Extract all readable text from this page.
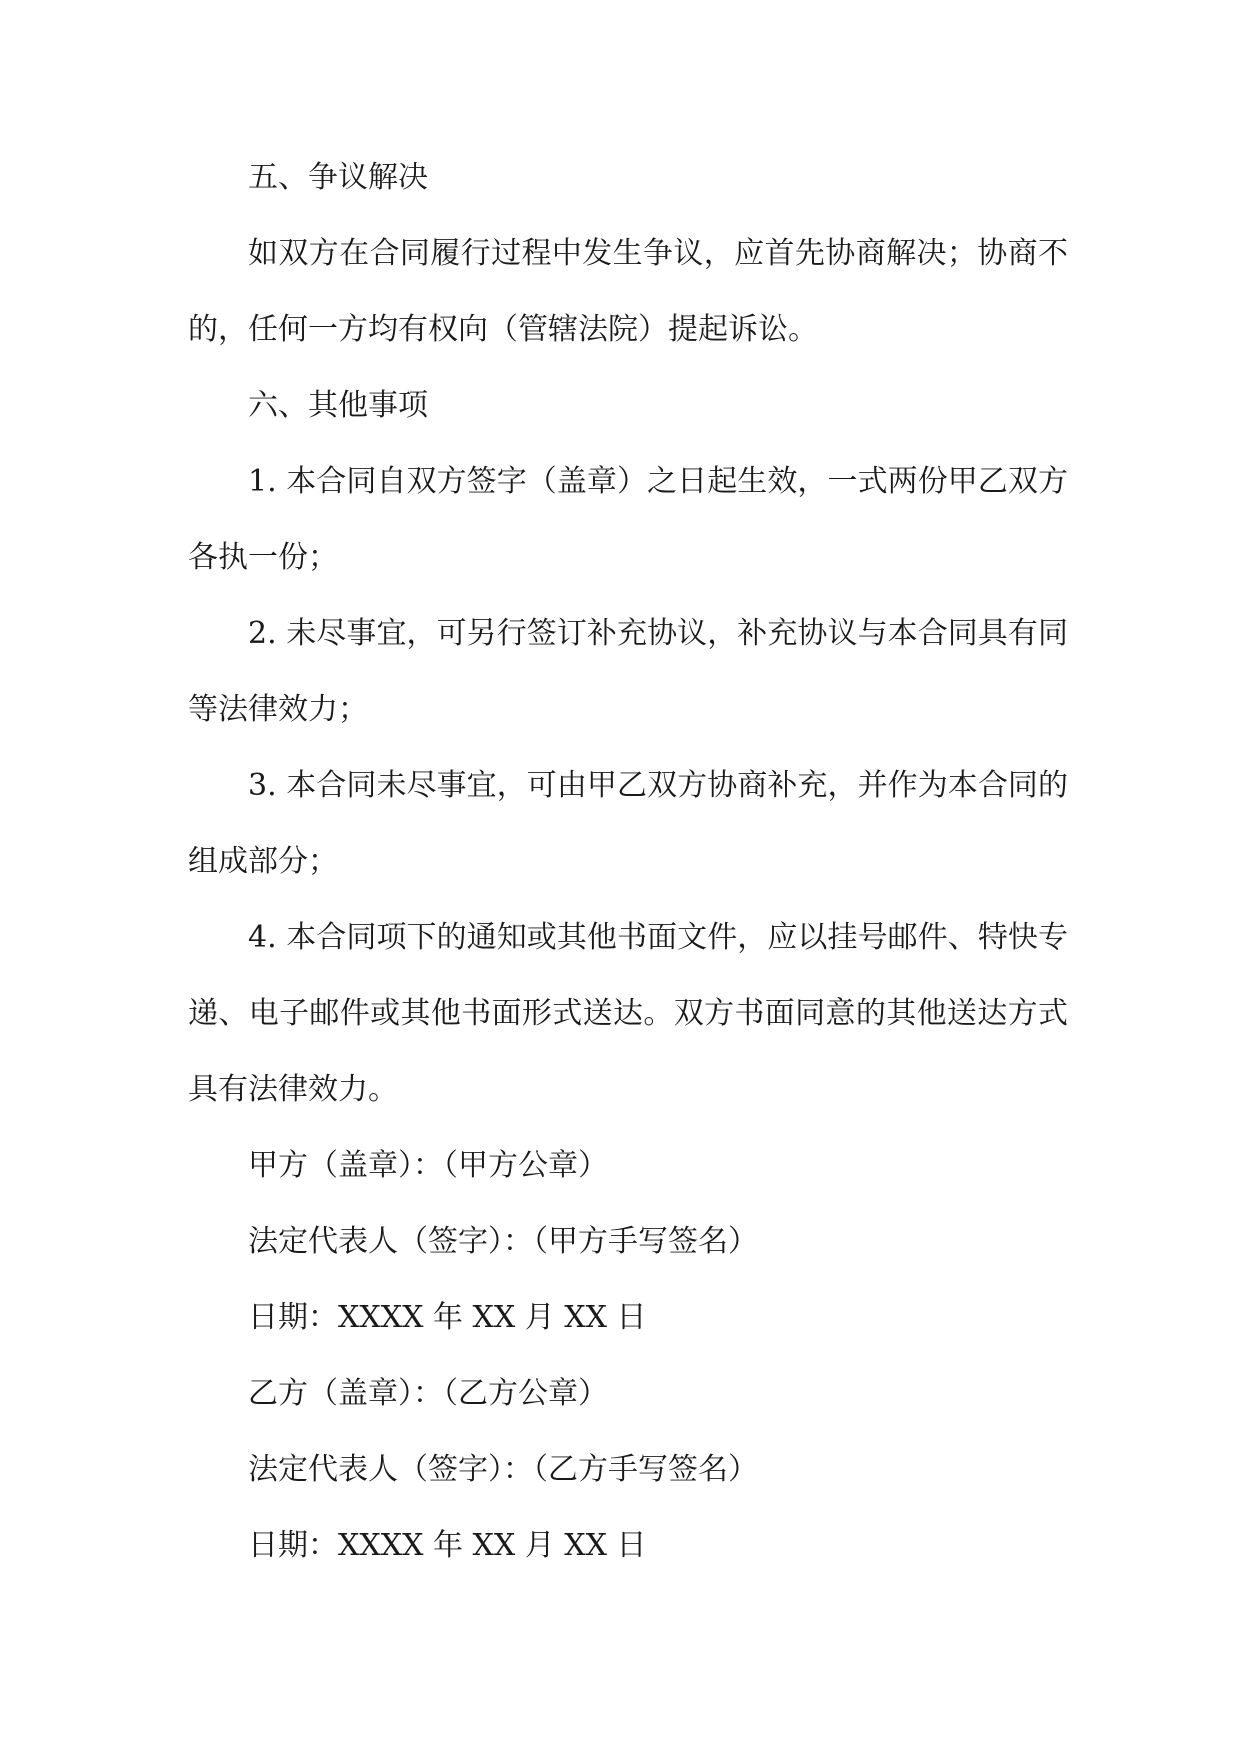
五、争议解决
如双方在合同履行过程中发生争议，应首先协商解决；协商不
的，任何一方均有权向（管辖法院）提起诉讼。
六、其他事项
1. 本合同自双方签字（盖章）之日起生效，一式两份甲乙双方
各执一份；
2. 未尽事宜，可另行签订补充协议，补充协议与本合同具有同
等法律效力；
3. 本合同未尽事宜，可由甲乙双方协商补充，并作为本合同的
组成部分；
4. 本合同项下的通知或其他书面文件，应以挂号邮件、特快专
递、电子邮件或其他书面形式送达。双方书面同意的其他送达方式
具有法律效力。
甲方（盖章）：（甲方公章）
法定代表人（签字）：（甲方手写签名）
日期：XXXX 年 XX 月 XX 日
乙方（盖章）：（乙方公章）
法定代表人（签字）：（乙方手写签名）
日期：XXXX 年 XX 月 XX 日
